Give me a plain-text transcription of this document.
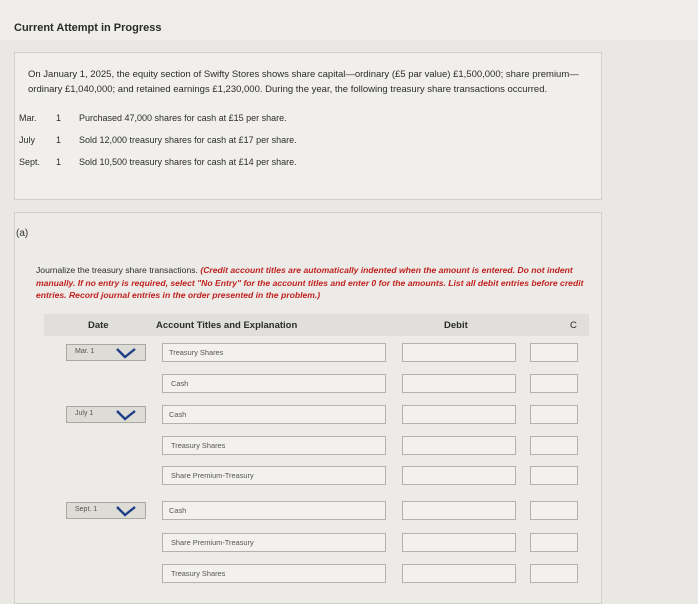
Current Attempt in Progress
On January 1, 2025, the equity section of Swifty Stores shows share capital—ordinary (£5 par value) £1,500,000; share premium—ordinary £1,040,000; and retained earnings £1,230,000. During the year, the following treasury share transactions occurred.
Mar.	1 Purchased 47,000 shares for cash at £15 per share.
July	1 Sold 12,000 treasury shares for cash at £17 per share.
Sept.	1 Sold 10,500 treasury shares for cash at £14 per share.
(a)
Journalize the treasury share transactions. (Credit account titles are automatically indented when the amount is entered. Do not indent manually. If no entry is required, select "No Entry" for the account titles and enter 0 for the amounts. List all debit entries before credit entries. Record journal entries in the order presented in the problem.)
Date	Account Titles and Explanation	Debit	C
Mar. 1	Treasury Shares
Cash
July 1	Cash
Treasury Shares
Share Premium-Treasury
Sept. 1	Cash
Share Premium-Treasury
Treasury Shares
